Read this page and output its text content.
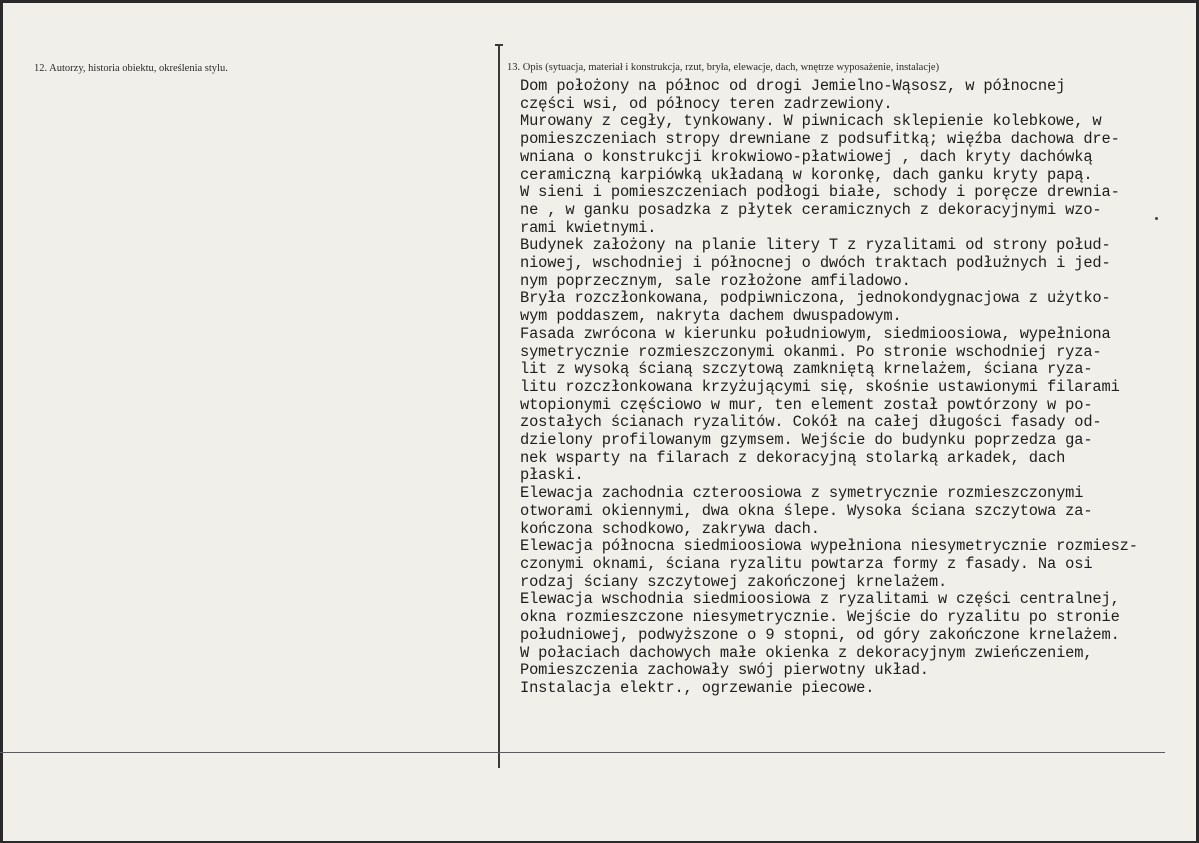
12. Autorzy, historia obiektu, określenia stylu.	13. Opis (sytuacja, materiał i konstrukcja, rzut, bryła, elewacje, dach, wnętrze wyposażenie, instalacje)
Dom położony na północ od drogi Jemielno-Wąsosz, w północnej
części wsi, od północy teren zadrzewiony.
Murowany z cegły, tynkowany. W piwnicach sklepienie kolebkowe, w
pomieszczeniach stropy drewniane z podsufitką; więźba dachowa dre-
wniana o konstrukcji krokwiowo-płatwiowej , dach kryty dachówką
ceramiczną karpiówką układaną w koronkę, dach ganku kryty papą.
W sieni i pomieszczeniach podłogi białe, schody i poręcze drewnia-
ne , w ganku posadzka z płytek ceramicznych z dekoracyjnymi wzo-
rami kwietnymi.
Budynek założony na planie litery T z ryzalitami od strony połud-
niowej, wschodniej i północnej o dwóch traktach podłużnych i jed-
nym poprzecznym, sale rozłożone amfiladowo.
Bryła rozczłonkowana, podpiwniczona, jednokondygnacjowa z użytko-
wym poddaszem, nakryta dachem dwuspadowym.
Fasada zwrócona w kierunku południowym, siedmioosiowa, wypełniona
symetrycznie rozmieszczonymi okanmi. Po stronie wschodniej ryza-
lit z wysoką ścianą szczytową zamkniętą krnelażem, ściana ryza-
litu rozczłonkowana krzyżującymi się, skośnie ustawionymi filarami
wtopionymi częściowo w mur, ten element został powtórzony w po-
zostałych ścianach ryzalitów. Cokół na całej długości fasady od-
dzielony profilowanym gzymsem. Wejście do budynku poprzedza ga-
nek wsparty na filarach z dekoracyjną stolarką arkadek, dach
płaski.
Elewacja zachodnia czteroosiowa z symetrycznie rozmieszczonymi
otworami okiennymi, dwa okna ślepe. Wysoka ściana szczytowa za-
kończona schodkowo, zakrywa dach.
Elewacja północna siedmioosiowa wypełniona niesymetrycznie rozmiesz-
czonymi oknami, ściana ryzalitu powtarza formy z fasady. Na osi
rodzaj ściany szczytowej zakończonej krnelażem.
Elewacja wschodnia siedmioosiowa z ryzalitami w części centralnej,
okna rozmieszczone niesymetrycznie. Wejście do ryzalitu po stronie
południowej, podwyższone o 9 stopni, od góry zakończone krnelażem.
W połaciach dachowych małe okienka z dekoracyjnym zwieńczeniem,
Pomieszczenia zachowały swój pierwotny układ.
Instalacja elektr., ogrzewanie piecowe.
